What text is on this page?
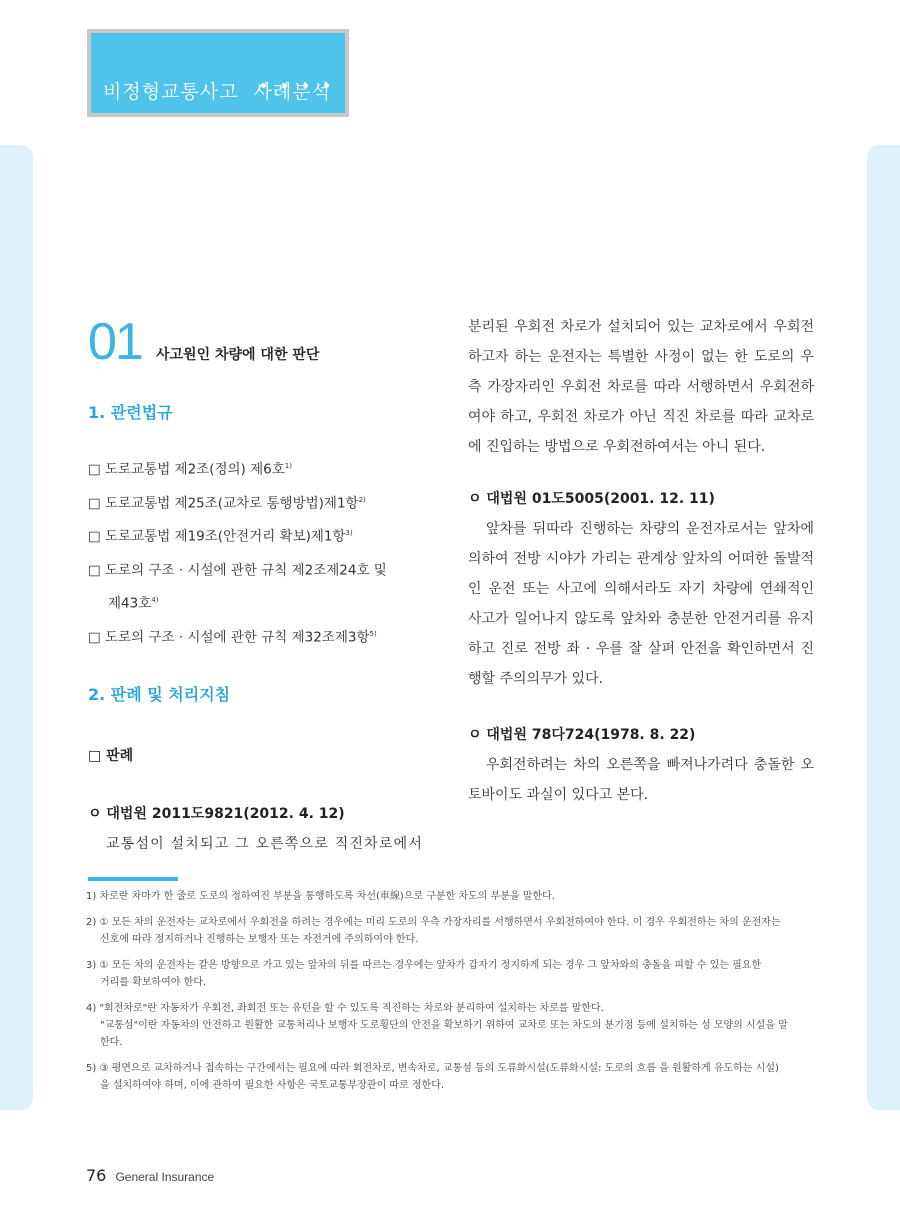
비정형교통사고 사례분석
01 사고원인 차량에 대한 판단
1. 관련법규
□ 도로교통법 제2조(정의) 제6호$^{1)}$
□ 도로교통법 제25조(교차로 통행방법)제1항$^{2)}$
□ 도로교통법 제19조(안전거리 확보)제1항$^{3)}$
□ 도로의 구조 · 시설에 관한 규칙 제2조제24호 및
제43호$^{4)}$
□ 도로의 구조 · 시설에 관한 규칙 제32조제3항$^{5)}$
2. 판례 및 처리지침
□ 판례
ㅇ 대법원 2011도9821(2012. 4. 12)
교통섬이 설치되고 그 오른쪽으로 직진차로에서
분리된 우회전 차로가 설치되어 있는 교차로에서 우회전하고자 하는 운전자는 특별한 사정이 없는 한 도로의 우측 가장자리인 우회전 차로를 따라 서행하면서 우회전하여야 하고, 우회전 차로가 아닌 직진 차로를 따라 교차로에 진입하는 방법으로 우회전하여서는 아니 된다.
ㅇ 대법원 01도5005(2001. 12. 11)
앞차를 뒤따라 진행하는 차량의 운전자로서는 앞차에 의하여 전방 시야가 가리는 관계상 앞차의 어떠한 돌발적인 운전 또는 사고에 의해서라도 자기 차량에 연쇄적인 사고가 일어나지 않도록 앞차와 충분한 안전거리를 유지하고 진로 전방 좌 · 우를 잘 살펴 안전을 확인하면서 진행할 주의의무가 있다.
ㅇ 대법원 78다724(1978. 8. 22)
우회전하려는 차의 오른쪽을 빠져나가려다 충돌한 오토바이도 과실이 있다고 본다.
1) 차로란 차마가 한 줄로 도로의 정하여진 부분을 통행하도록 차선(車線)으로 구분한 차도의 부분을 말한다.
2) ① 모든 차의 운전자는 교차로에서 우회전을 하려는 경우에는 미리 도로의 우측 가장자리를 서행하면서 우회전하여야 한다. 이 경우 우회전하는 차의 운전자는
신호에 따라 정지하거나 진행하는 보행자 또는 자전거에 주의하여야 한다.
3) ① 모든 차의 운전자는 같은 방향으로 가고 있는 앞차의 뒤를 따르는 경우에는 앞차가 갑자기 정지하게 되는 경우 그 앞차와의 충돌을 피할 수 있는 필요한
거리를 확보하여야 한다.
4) "회전차로"란 자동차가 우회전, 좌회전 또는 유턴을 할 수 있도록 직진하는 차로와 분리하여 설치하는 차로를 말한다.
"교통섬"이란 자동차의 안전하고 원활한 교통처리나 보행자 도로횡단의 안전을 확보하기 위하여 교차로 또는 차도의 분기점 등에 설치하는 섬 모양의 시설을 말
한다.
5) ③ 평면으로 교차하거나 접속하는 구간에서는 필요에 따라 회전차로, 변속차로, 교통섬 등의 도류화시설(도류화시설: 도로의 흐름 을 원활하게 유도하는 시설)
을 설치하여야 하며, 이에 관하여 필요한 사항은 국토교통부장관이 따로 정한다.
76 General Insurance
